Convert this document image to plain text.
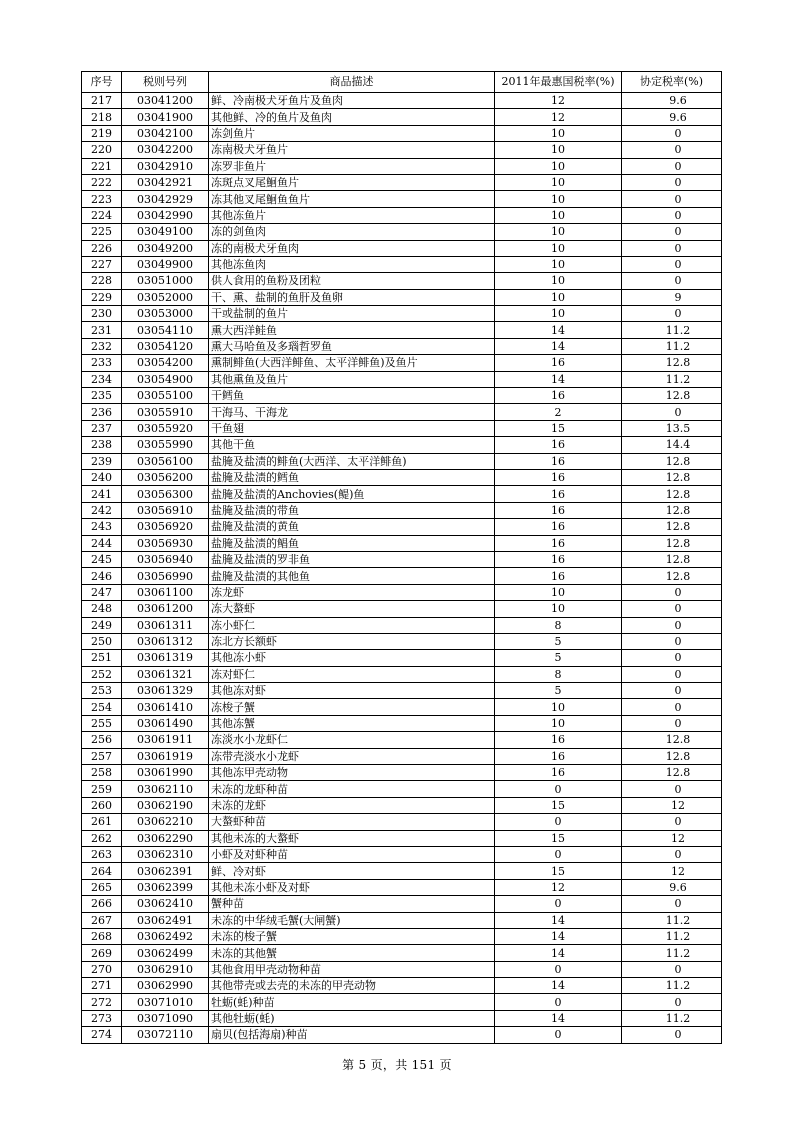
序号	税则号列	商品描述	2011年最惠国税率(%)	协定税率(%)
217	03041200	鲜、冷南极犬牙鱼片及鱼肉	12	9.6
218	03041900	其他鲜、冷的鱼片及鱼肉	12	9.6
219	03042100	冻剑鱼片	10	0
220	03042200	冻南极犬牙鱼片	10	0
221	03042910	冻罗非鱼片	10	0
222	03042921	冻斑点叉尾鮰鱼片	10	0
223	03042929	冻其他叉尾鮰鱼鱼片	10	0
224	03042990	其他冻鱼片	10	0
225	03049100	冻的剑鱼肉	10	0
226	03049200	冻的南极犬牙鱼肉	10	0
227	03049900	其他冻鱼肉	10	0
228	03051000	供人食用的鱼粉及团粒	10	0
229	03052000	干、熏、盐制的鱼肝及鱼卵	10	9
230	03053000	干或盐制的鱼片	10	0
231	03054110	熏大西洋鲑鱼	14	11.2
232	03054120	熏大马哈鱼及多瑙哲罗鱼	14	11.2
233	03054200	熏制鲱鱼(大西洋鲱鱼、太平洋鲱鱼)及鱼片	16	12.8
234	03054900	其他熏鱼及鱼片	14	11.2
235	03055100	干鳕鱼	16	12.8
236	03055910	干海马、干海龙	2	0
237	03055920	干鱼翅	15	13.5
238	03055990	其他干鱼	16	14.4
239	03056100	盐腌及盐渍的鲱鱼(大西洋、太平洋鲱鱼)	16	12.8
240	03056200	盐腌及盐渍的鳕鱼	16	12.8
241	03056300	盐腌及盐渍的Anchovies(鳀)鱼	16	12.8
242	03056910	盐腌及盐渍的带鱼	16	12.8
243	03056920	盐腌及盐渍的黄鱼	16	12.8
244	03056930	盐腌及盐渍的鲳鱼	16	12.8
245	03056940	盐腌及盐渍的罗非鱼	16	12.8
246	03056990	盐腌及盐渍的其他鱼	16	12.8
247	03061100	冻龙虾	10	0
248	03061200	冻大螯虾	10	0
249	03061311	冻小虾仁	8	0
250	03061312	冻北方长额虾	5	0
251	03061319	其他冻小虾	5	0
252	03061321	冻对虾仁	8	0
253	03061329	其他冻对虾	5	0
254	03061410	冻梭子蟹	10	0
255	03061490	其他冻蟹	10	0
256	03061911	冻淡水小龙虾仁	16	12.8
257	03061919	冻带壳淡水小龙虾	16	12.8
258	03061990	其他冻甲壳动物	16	12.8
259	03062110	未冻的龙虾种苗	0	0
260	03062190	未冻的龙虾	15	12
261	03062210	大螯虾种苗	0	0
262	03062290	其他未冻的大螯虾	15	12
263	03062310	小虾及对虾种苗	0	0
264	03062391	鲜、冷对虾	15	12
265	03062399	其他未冻小虾及对虾	12	9.6
266	03062410	蟹种苗	0	0
267	03062491	未冻的中华绒毛蟹(大闸蟹)	14	11.2
268	03062492	未冻的梭子蟹	14	11.2
269	03062499	未冻的其他蟹	14	11.2
270	03062910	其他食用甲壳动物种苗	0	0
271	03062990	其他带壳或去壳的未冻的甲壳动物	14	11.2
272	03071010	牡蛎(蚝)种苗	0	0
273	03071090	其他牡蛎(蚝)	14	11.2
274	03072110	扇贝(包括海扇)种苗	0	0
第 5 页，共 151 页
